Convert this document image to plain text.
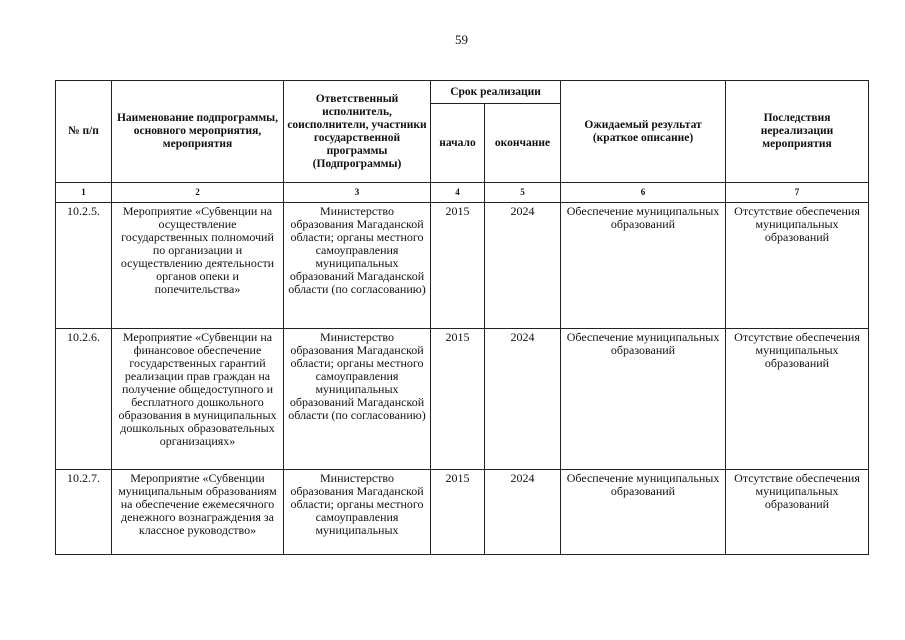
59
№ п/п	Наименование подпрограммы, основного мероприятия, мероприятия	Ответственный исполнитель, соисполнители, участники государственной программы (Подпрограммы)	Срок реализации		Ожидаемый результат (краткое описание)	Последствия нереализации мероприятия
			начало	окончание		
1	2	3	4	5	6	7
10.2.5.	Мероприятие «Субвенции на осуществление государственных полномочий по организации и осуществлению деятельности органов опеки и попечительства»	Министерство образования Магаданской области; органы местного самоуправления муниципальных образований Магаданской области (по согласованию)	2015	2024	Обеспечение муниципальных образований	Отсутствие обеспечения муниципальных образований
10.2.6.	Мероприятие «Субвенции на финансовое обеспечение государственных гарантий реализации прав граждан на получение общедоступного и бесплатного дошкольного образования в муниципальных дошкольных образовательных организациях»	Министерство образования Магаданской области; органы местного самоуправления муниципальных образований Магаданской области (по согласованию)	2015	2024	Обеспечение муниципальных образований	Отсутствие обеспечения муниципальных образований
10.2.7.	Мероприятие «Субвенции муниципальным образованиям на обеспечение ежемесячного денежного вознаграждения за классное руководство»	Министерство образования Магаданской области; органы местного самоуправления муниципальных	2015	2024	Обеспечение муниципальных образований	Отсутствие обеспечения муниципальных образований
